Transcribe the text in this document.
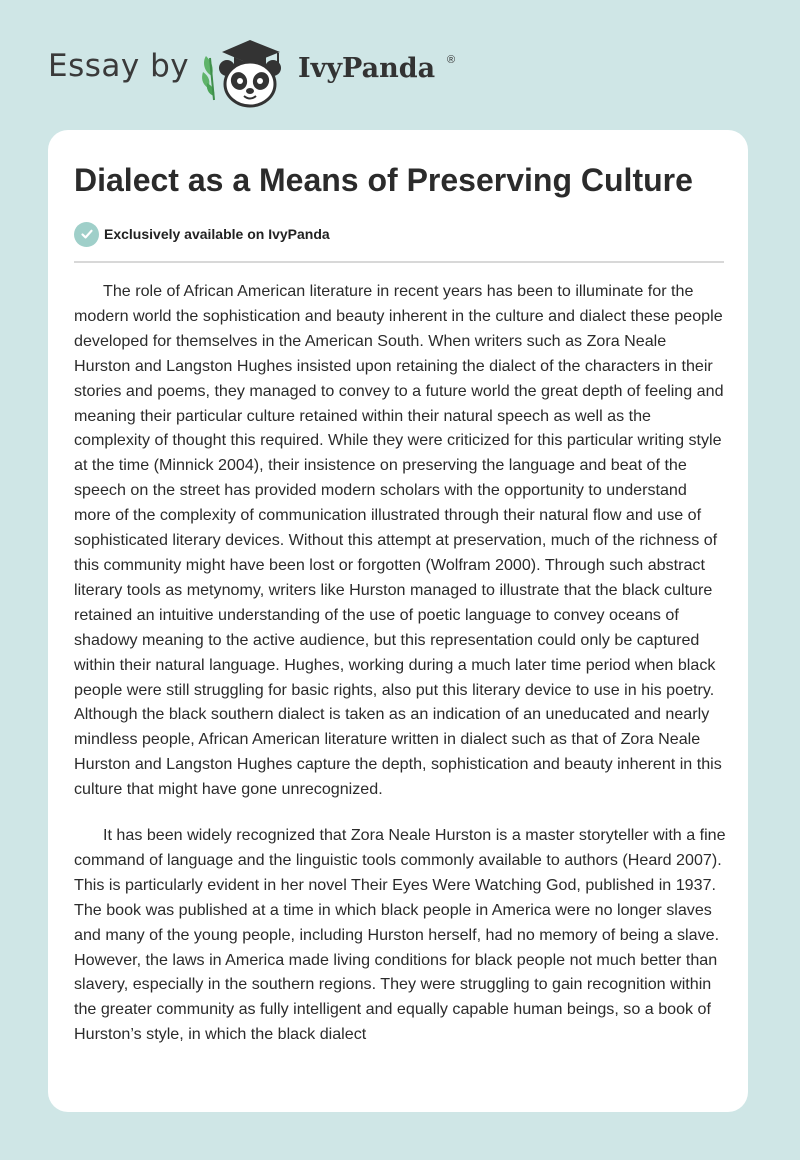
Essay by	IvyPanda ®
Dialect as a Means of Preserving Culture
Exclusively available on IvyPanda

The role of African American literature in recent years has been to illuminate for the modern world the sophistication and beauty inherent in the culture and dialect these people developed for themselves in the American South. When writers such as Zora Neale Hurston and Langston Hughes insisted upon retaining the dialect of the characters in their stories and poems, they managed to convey to a future world the great depth of feeling and meaning their particular culture retained within their natural speech as well as the complexity of thought this required. While they were criticized for this particular writing style at the time (Minnick 2004), their insistence on preserving the language and beat of the speech on the street has provided modern scholars with the opportunity to understand more of the complexity of communication illustrated through their natural flow and use of sophisticated literary devices. Without this attempt at preservation, much of the richness of this community might have been lost or forgotten (Wolfram 2000). Through such abstract literary tools as metynomy, writers like Hurston managed to illustrate that the black culture retained an intuitive understanding of the use of poetic language to convey oceans of shadowy meaning to the active audience, but this representation could only be captured within their natural language. Hughes, working during a much later time period when black people were still struggling for basic rights, also put this literary device to use in his poetry. Although the black southern dialect is taken as an indication of an uneducated and nearly mindless people, African American literature written in dialect such as that of Zora Neale Hurston and Langston Hughes capture the depth, sophistication and beauty inherent in this culture that might have gone unrecognized.

It has been widely recognized that Zora Neale Hurston is a master storyteller with a fine command of language and the linguistic tools commonly available to authors (Heard 2007). This is particularly evident in her novel Their Eyes Were Watching God, published in 1937. The book was published at a time in which black people in America were no longer slaves and many of the young people, including Hurston herself, had no memory of being a slave. However, the laws in America made living conditions for black people not much better than slavery, especially in the southern regions. They were struggling to gain recognition within the greater community as fully intelligent and equally capable human beings, so a book of Hurston’s style, in which the black dialect
